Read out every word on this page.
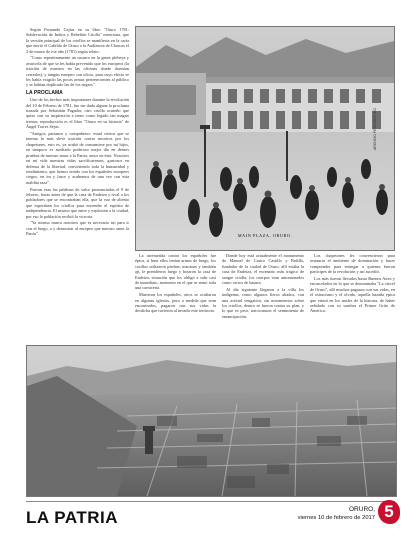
Según Fernando Cajías en su libro "Oruro 1781: Sublevación de Indios y Rebelión Criolla" menciona, que la versión principal de los criollos se manifiesta en la carta que envió el Cabildo de Oruro a la Audiencia de Charcas el 2 de marzo de ese año (1781) según relato:

"Como repentinamente un susurro en la gente plebeya y avaricela de que se les había prevenido que los europeos (la traición de muertos en las oficinas donde dormían cerrados), y ningún europeo con oficio, para cuyo efecto se les había exigido las pocas armas pertenecientes al público y se habían duplicado las de los negros".

LA PROCLAMA

Uno de los hechos más importantes durante la revolución del 10 de Febrero de 1781, fue sin duda alguna la proclama trazada por Sebastián Pagador, otro criollo orureño que quiso con su inspiración a tener como legado tan magno tremor, reproducción es el libro "Oruro en su historia" de Ángel Torres Sejas.

"Amigos, paisanos y compañeros: estad ciertos que se intenta la más sleve traición contra nosotros por los chapetones, esto es, ya acabó de consumirse por mí hijos, en tampoco es asediado poderoso mejor día en demos pruebas de nuestro amor a la Patria, amor en ésta. Nosotros en mi vida nuestras vidas sacrificaremos, gustosos en defensa de la libertad, convirtiendo toda la humanidad y rendimiento, que hemos tenido con los españoles europeos ciegos, en ira y furor y acabemos de una vez con esta maldita raza".

Fueron esas las palabras de valor pronunciadas el 9 de febrero, horas antes de que la casa de Endeiza y rival a los pobladores que se encontraban ella, que la voz de aliento que esperaban los criollos para encender el espíritu de independencia. El mismo que entre y explosión a la ciudad, por eso la población recibió la victoria.

"Ya mismo nunca nosotros que es necesario mí para ir con el fuego, a y demostrar al europeo que nuestro amor la Patria".	MAIN PLAZA, ORURO.
ARCHIVO PERIODÍSTICO

La arremetida contra los españoles fue épica, sí bien ellos tenían armas de fuego, los criollos utilizaron piedras, macanas y también ají, le prendieron fuego y botaron la casa de Endeiza, situación que los obligó a salir casi de inmediato, momento en el que se armó toda una carnicería.

Murieron los españoles, otros se ocultaron en algunas iglesias, pero a medida que eran encontrados, pagaron con sus vidas la desdicha que tuvieron al invadir este territorio.

Donde hoy está actualmente el monumento de Manuel de Castro Castillo y Padilla, fundador de la ciudad de Oruro, allí estaba la casa de Endeiza, el escenario más trágico de sangre criolla, los cuerpos eran amontonados como cerros de basura.

Al día siguiente llegaron a la villa los indígenas, como algunos fieros aliados, con una actitud vengativa, sin miramientos sobre los criollos, dentro se fueron contra su plan, y lo que es peor, traicionaron el sentimiento de emancipación.

Los chapetones les convencieron para restaurar el ambiente de dominación y hacer comprender para entregar a quienes fueron partícipes de la revolución y así sucedió.

Los más fueron llevados hasta Buenos Aires y encarcelados en lo que se denominaba "La cárcel de Oruro", allí muchos pagaron con sus vidas, en el ostracismo y el olvido, aquella hazaña épica que estará en los anales de la historia, de haber señalado con su sombra el Primer Grito de América.

LA PATRIA	ORURO,
viernes 10 de febrero de 2017 5
